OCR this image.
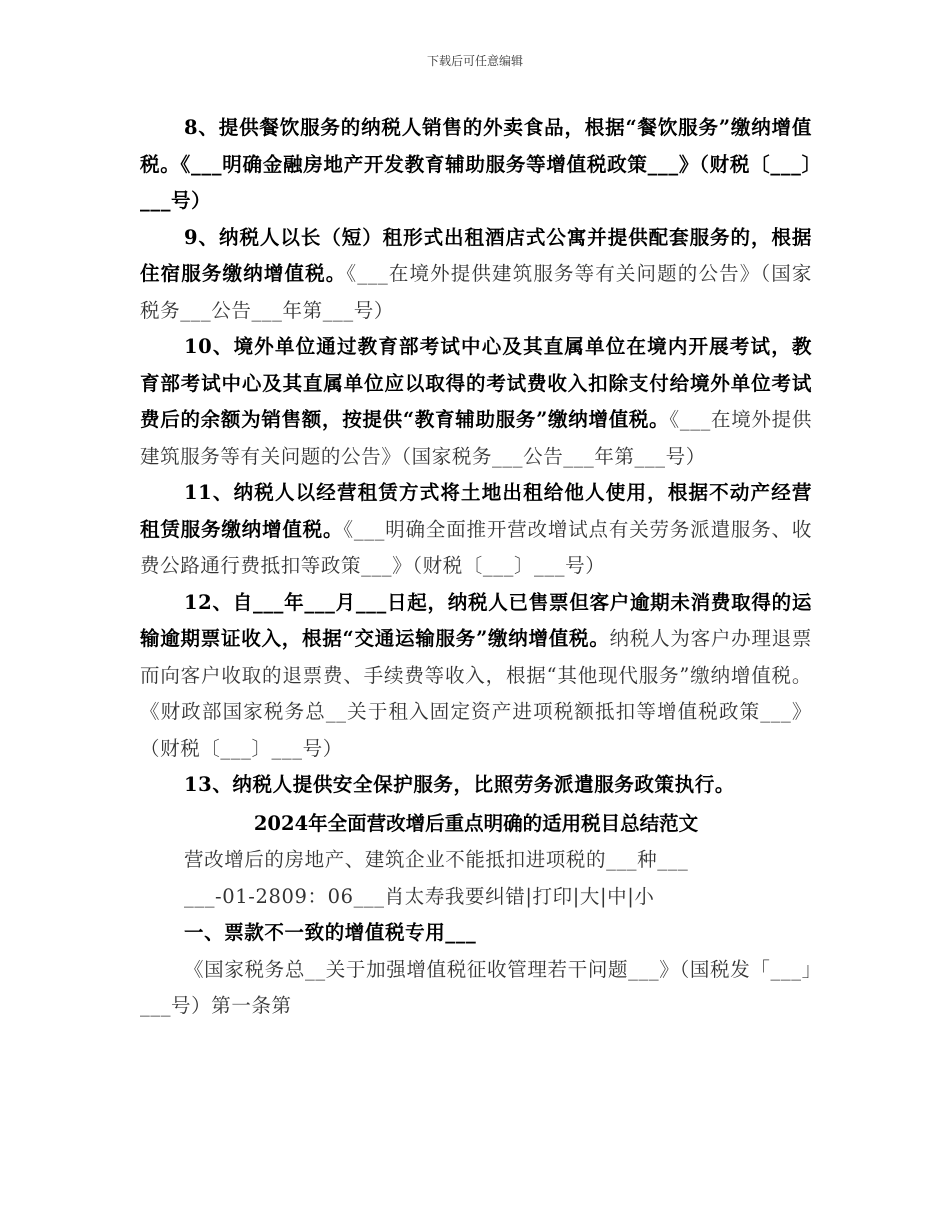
下载后可任意编辑

8、提供餐饮服务的纳税人销售的外卖食品，根据“餐饮服务”缴纳增值税。《___明确金融房地产开发教育辅助服务等增值税政策___》（财税〔___〕___号）

9、纳税人以长（短）租形式出租酒店式公寓并提供配套服务的，根据住宿服务缴纳增值税。《___在境外提供建筑服务等有关问题的公告》（国家税务___公告___年第___号）

10、境外单位通过教育部考试中心及其直属单位在境内开展考试，教育部考试中心及其直属单位应以取得的考试费收入扣除支付给境外单位考试费后的余额为销售额，按提供“教育辅助服务”缴纳增值税。《___在境外提供建筑服务等有关问题的公告》（国家税务___公告___年第___号）

11、纳税人以经营租赁方式将土地出租给他人使用，根据不动产经营租赁服务缴纳增值税。《___明确全面推开营改增试点有关劳务派遣服务、收费公路通行费抵扣等政策___》（财税〔___〕___号）

12、自___年___月___日起，纳税人已售票但客户逾期未消费取得的运输逾期票证收入，根据“交通运输服务”缴纳增值税。纳税人为客户办理退票而向客户收取的退票费、手续费等收入，根据“其他现代服务”缴纳增值税。《财政部国家税务总__关于租入固定资产进项税额抵扣等增值税政策___》（财税〔___〕___号）

13、纳税人提供安全保护服务，比照劳务派遣服务政策执行。

2024年全面营改增后重点明确的适用税目总结范文

营改增后的房地产、建筑企业不能抵扣进项税的___种___

___-01-2809：06___肖太寿我要纠错|打印|大|中|小

一、票款不一致的增值税专用___

《国家税务总__关于加强增值税征收管理若干问题___》（国税发「___」___号）第一条第
